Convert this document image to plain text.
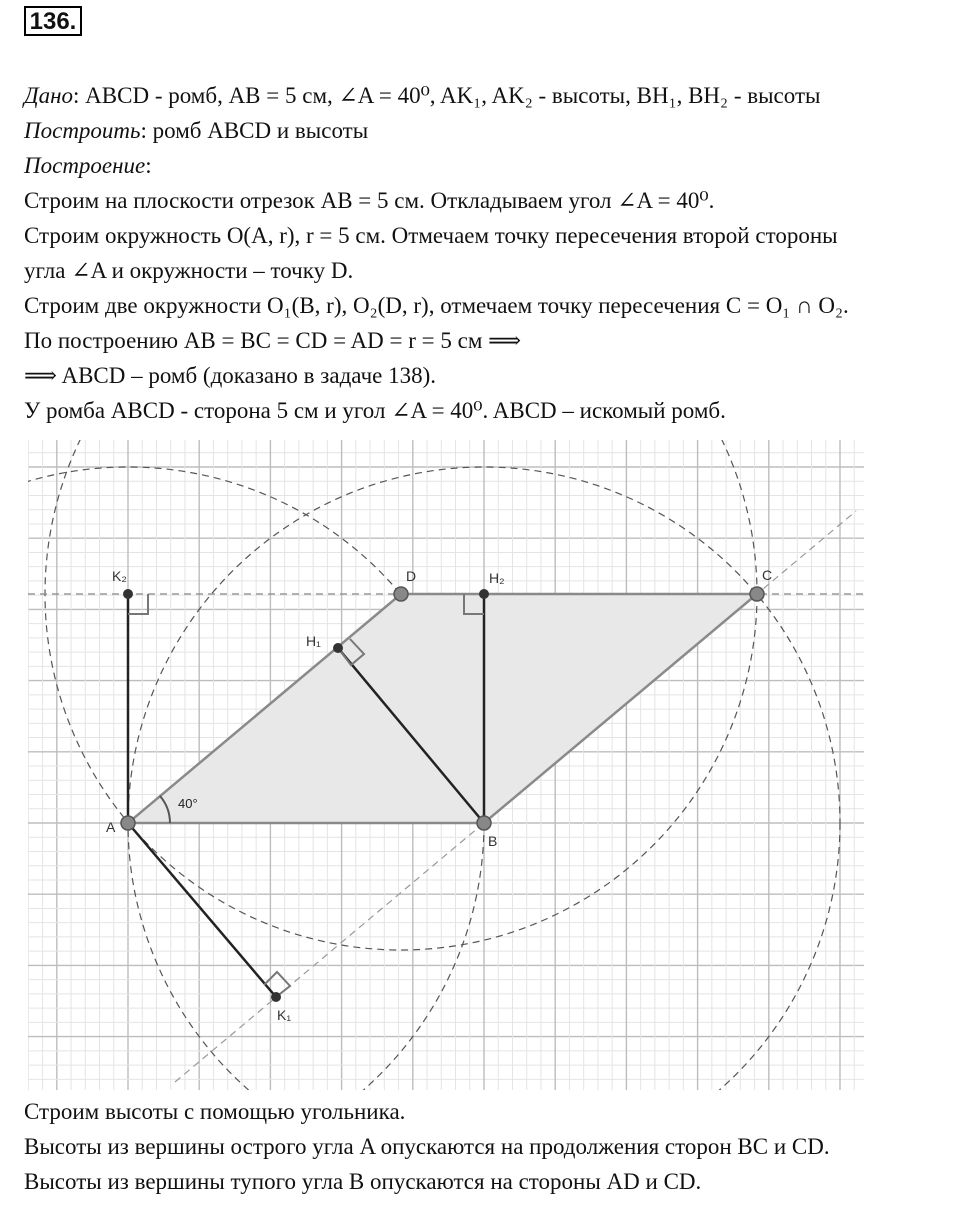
136.
Дано: ABCD - ромб, AB = 5 см, ∠A = 40⁰, AK₁, AK₂ - высоты, BH₁, BH₂ - высоты
Построить: ромб ABCD и высоты
Построение:
Строим на плоскости отрезок AB = 5 см. Откладываем угол ∠A = 40⁰.
Строим окружность O(A, r), r = 5 см. Отмечаем точку пересечения второй стороны
угла ∠A и окружности – точку D.
Строим две окружности O₁(B, r), O₂(D, r), отмечаем точку пересечения C = O₁ ∩ O₂.
По построению AB = BC = CD = AD = r = 5 см ⟹
⟹ ABCD – ромб (доказано в задаче 138).
У ромба ABCD - сторона 5 см и угол ∠A = 40⁰. ABCD – искомый ромб.
40°
A
B
C
D
K₂	H₂
H₁
K₁
Строим высоты с помощью угольника.
Высоты из вершины острого угла A опускаются на продолжения сторон BC и CD.
Высоты из вершины тупого угла B опускаются на стороны AD и CD.
